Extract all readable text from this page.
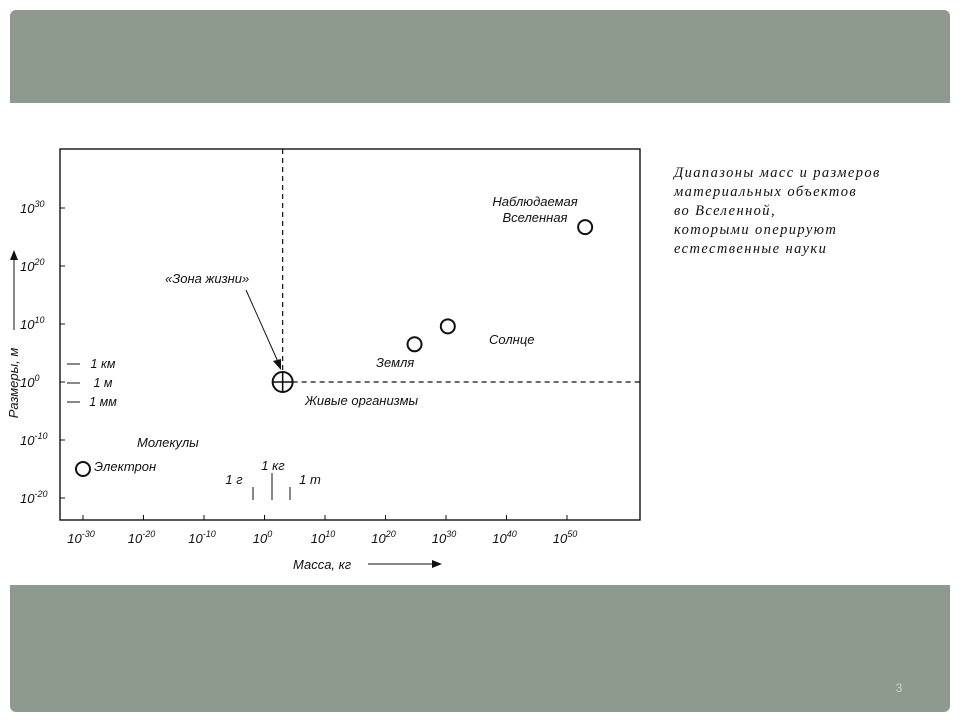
$10^{-30}$	$10^{-20}$	$10^{-10}$	$10^0$	$10^{10}$	$10^{20}$	$10^{30}$	$10^{40}$	$10^{50}$
$10^{30}$
$10^{20}$
$10^{10}$
$10^0$
$10^{-10}$
$10^{-20}$
Электрон
Земля
Солнце
Наблюдаемая
Вселенная
Живые организмы
Молекулы
«Зона жизни»
1 г
1 кг
1 т
1 км
1 м
1 мм
Масса, кг
Размеры, м
Диапазоны масс и размеров
материальных объектов
во Вселенной,
которыми оперируют
естественные науки
3
